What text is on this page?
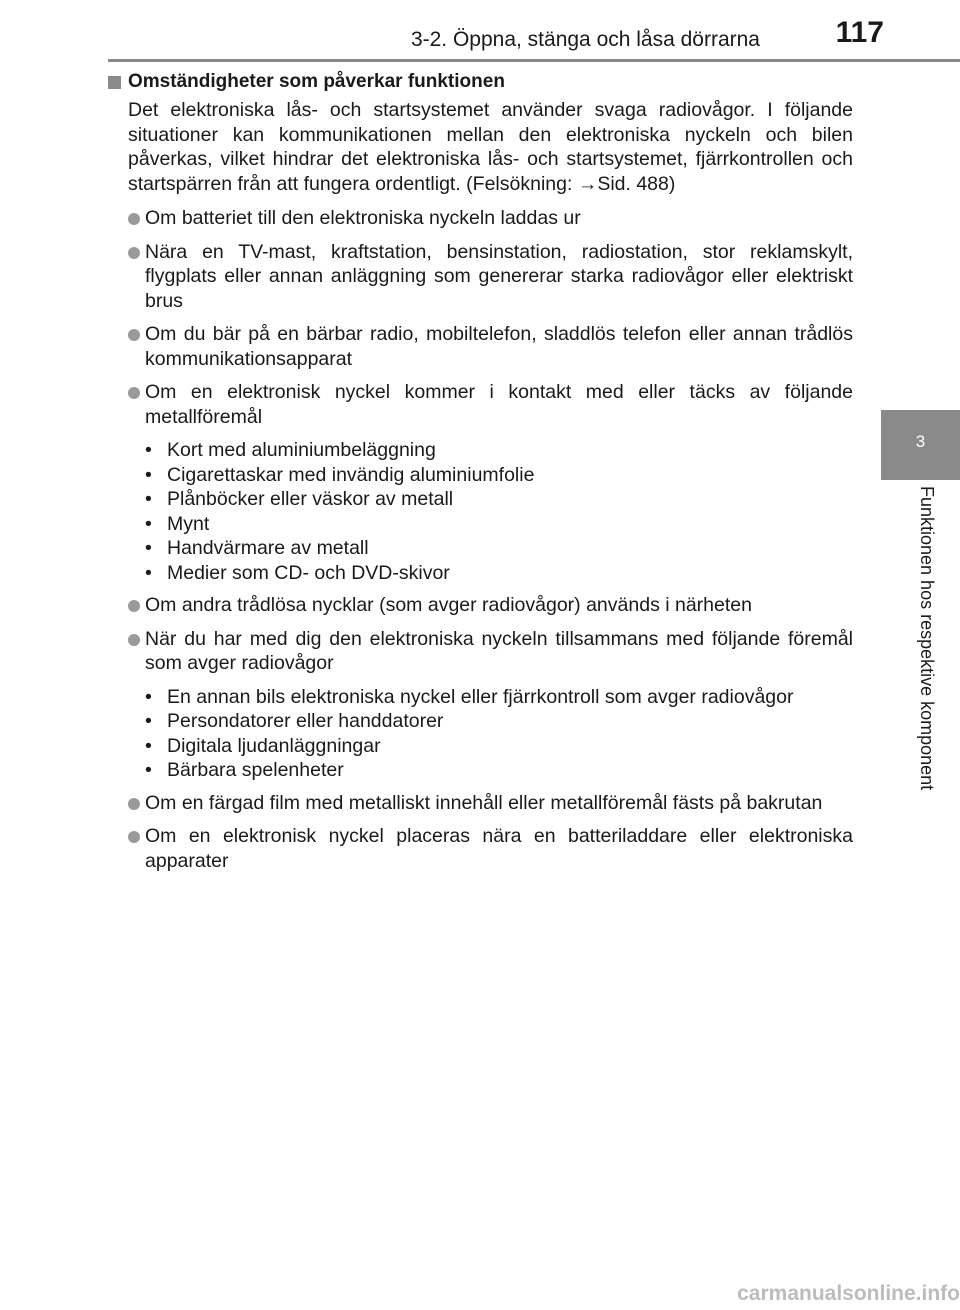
3-2. Öppna, stänga och låsa dörrarna	117
3
Funktionen hos respektive komponent
Omständigheter som påverkar funktionen

Det elektroniska lås- och startsystemet använder svaga radiovågor. I följande situationer kan kommunikationen mellan den elektroniska nyckeln och bilen påverkas, vilket hindrar det elektroniska lås- och startsystemet, fjärrkontrollen och startspärren från att fungera ordentligt. (Felsökning: →Sid. 488)

Om batteriet till den elektroniska nyckeln laddas ur
Nära en TV-mast, kraftstation, bensinstation, radiostation, stor reklamskylt, flygplats eller annan anläggning som genererar starka radiovågor eller elektriskt brus
Om du bär på en bärbar radio, mobiltelefon, sladdlös telefon eller annan trådlös kommunikationsapparat
Om en elektronisk nyckel kommer i kontakt med eller täcks av följande metallföremål
• Kort med aluminiumbeläggning
• Cigarettaskar med invändig aluminiumfolie
• Plånböcker eller väskor av metall
• Mynt
• Handvärmare av metall
• Medier som CD- och DVD-skivor
Om andra trådlösa nycklar (som avger radiovågor) används i närheten
När du har med dig den elektroniska nyckeln tillsammans med följande föremål som avger radiovågor
• En annan bils elektroniska nyckel eller fjärrkontroll som avger radiovågor
• Persondatorer eller handdatorer
• Digitala ljudanläggningar
• Bärbara spelenheter
Om en färgad film med metalliskt innehåll eller metallföremål fästs på bakrutan
Om en elektronisk nyckel placeras nära en batteriladdare eller elektroniska apparater
carmanualsonline.info
